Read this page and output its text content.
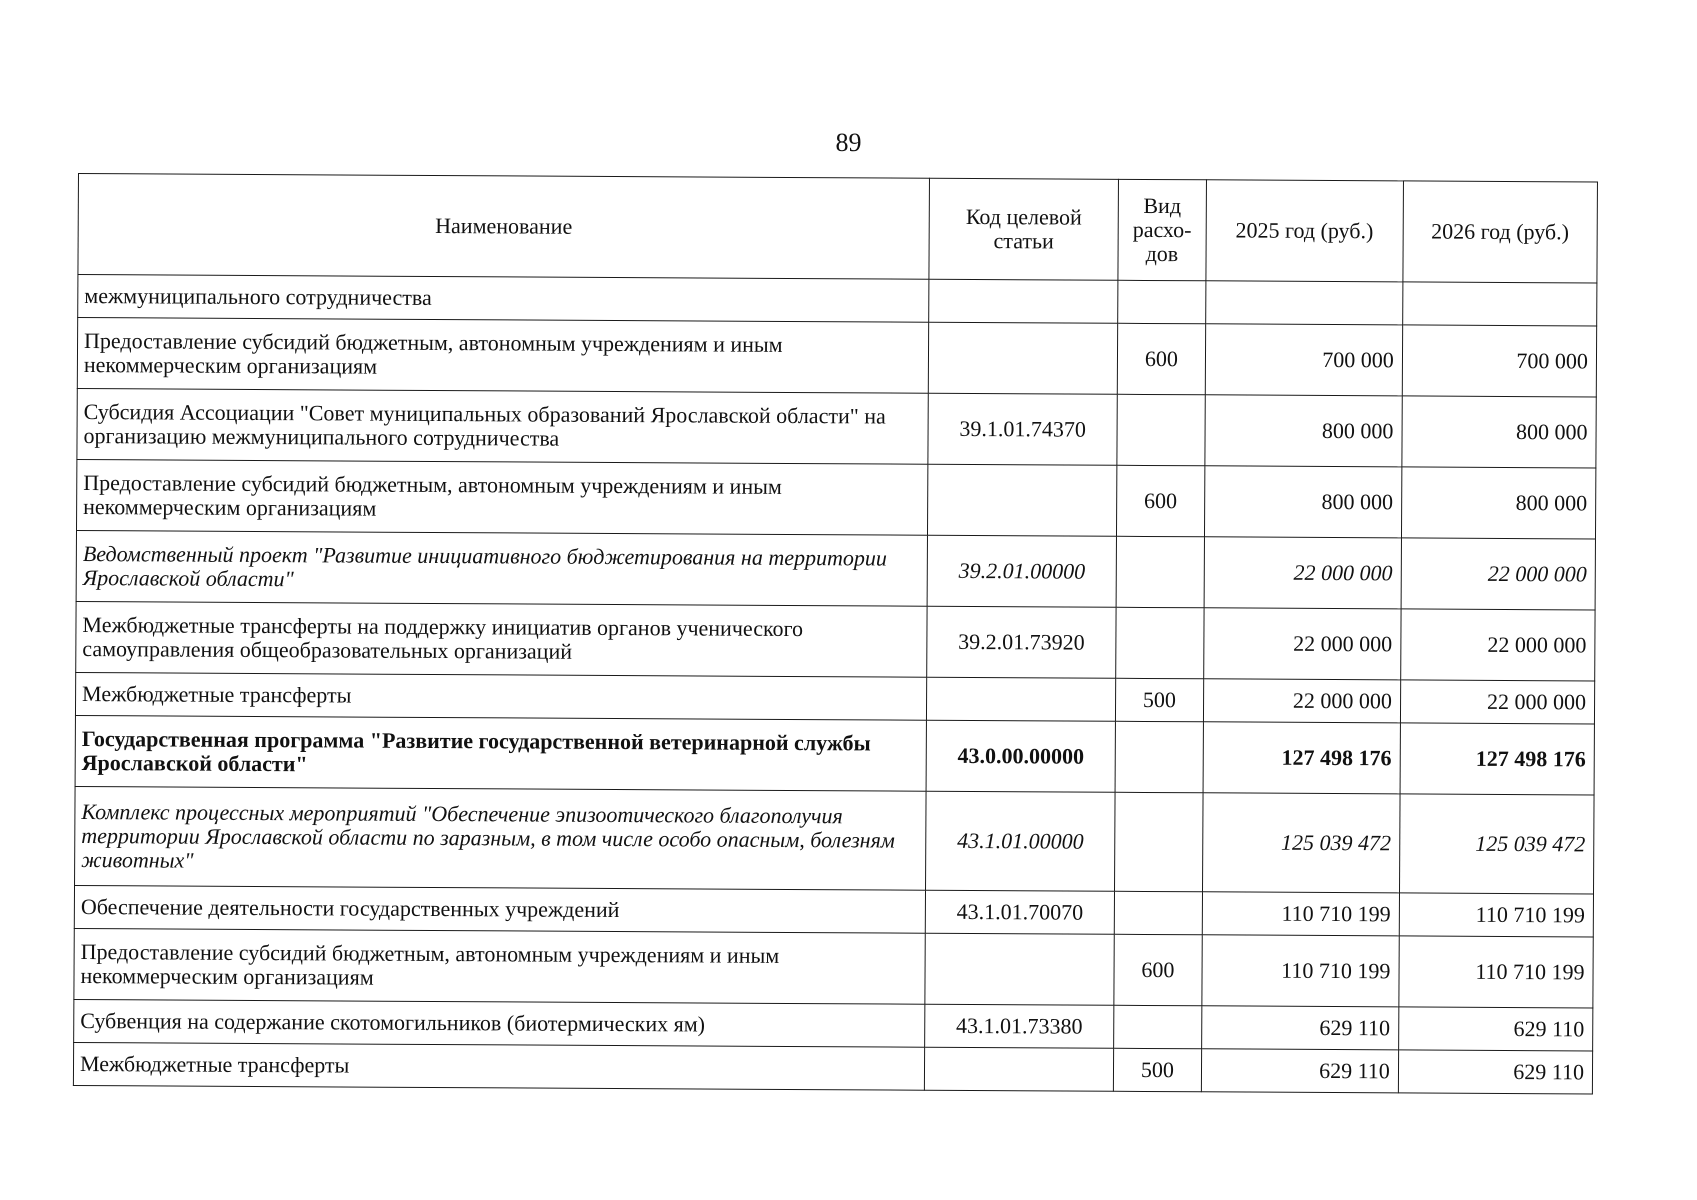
89
Наименование	Код целевой статьи	Вид расхо-дов	2025 год (руб.)	2026 год (руб.)
межмуниципального сотрудничества				
Предоставление субсидий бюджетным, автономным учреждениям и иным некоммерческим организациям		600	700 000	700 000
Субсидия Ассоциации "Совет муниципальных образований Ярославской области" на организацию межмуниципального сотрудничества	39.1.01.74370		800 000	800 000
Предоставление субсидий бюджетным, автономным учреждениям и иным некоммерческим организациям		600	800 000	800 000
Ведомственный проект "Развитие инициативного бюджетирования на территории Ярославской области"	39.2.01.00000		22 000 000	22 000 000
Межбюджетные трансферты на поддержку инициатив органов ученического самоуправления общеобразовательных организаций	39.2.01.73920		22 000 000	22 000 000
Межбюджетные трансферты		500	22 000 000	22 000 000
Государственная программа "Развитие государственной ветеринарной службы Ярославской области"	43.0.00.00000		127 498 176	127 498 176
Комплекс процессных мероприятий "Обеспечение эпизоотического благополучия территории Ярославской области по заразным, в том числе особо опасным, болезням животных"	43.1.01.00000		125 039 472	125 039 472
Обеспечение деятельности государственных учреждений	43.1.01.70070		110 710 199	110 710 199
Предоставление субсидий бюджетным, автономным учреждениям и иным некоммерческим организациям		600	110 710 199	110 710 199
Субвенция на содержание скотомогильников (биотермических ям)	43.1.01.73380		629 110	629 110
Межбюджетные трансферты		500	629 110	629 110
